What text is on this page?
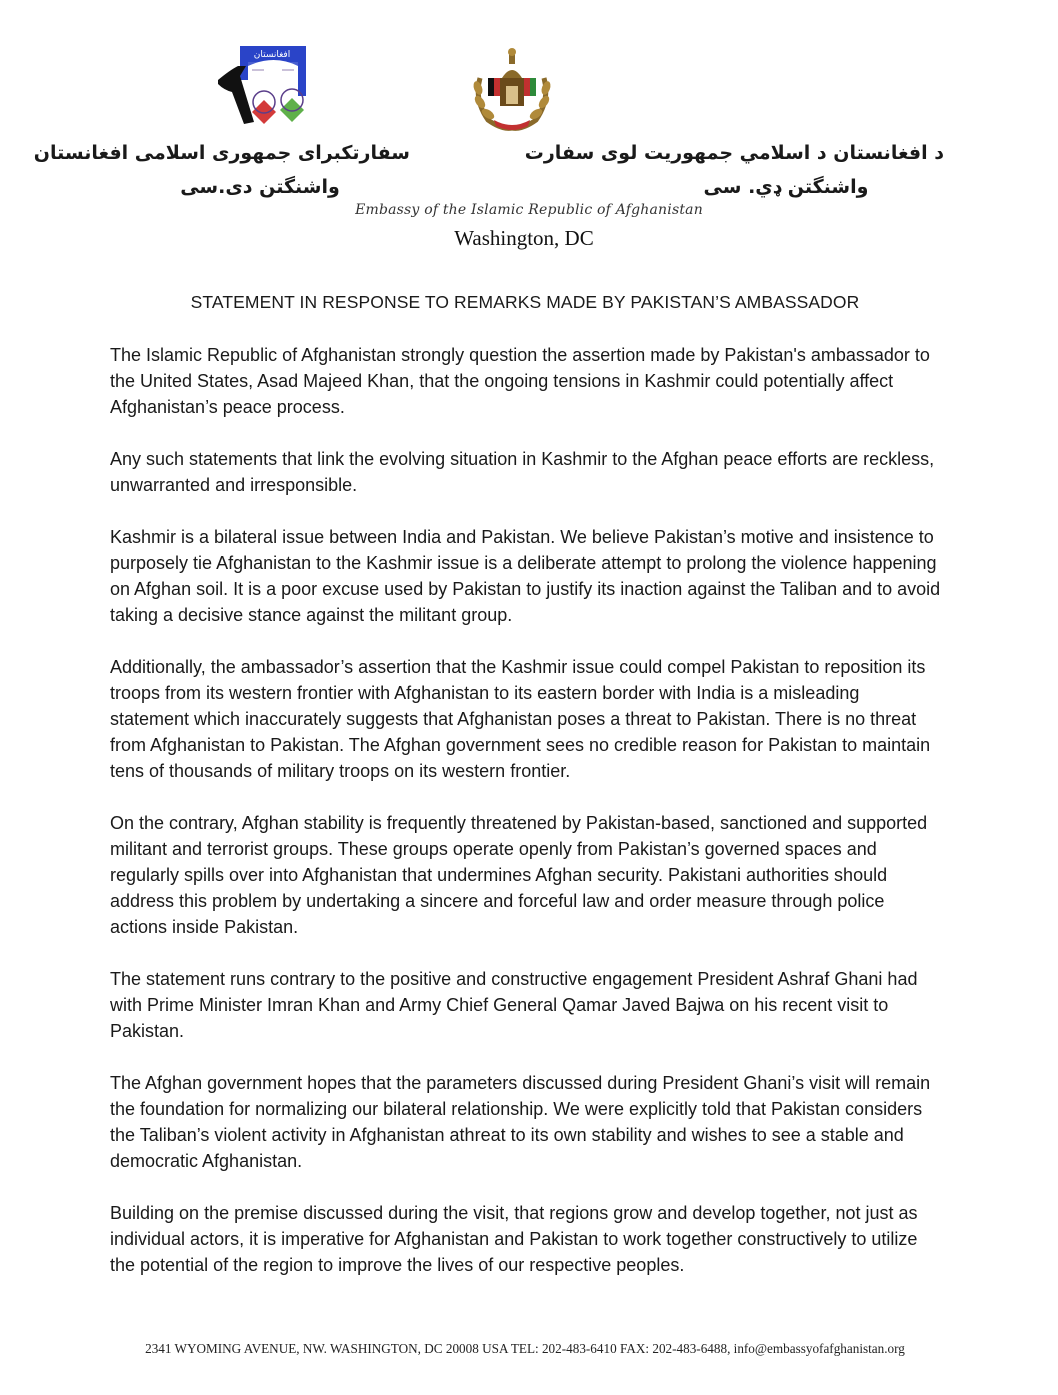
افغانستان
سفارتکبرای جمهوری اسلامی افغانستان
واشنگتن دی.سی
د افغانستان د اسلامي جمهوريت لوی سفارت
واشنگتن ډي. سی
Embassy of the Islamic Republic of Afghanistan
Washington, DC
STATEMENT IN RESPONSE TO REMARKS MADE BY PAKISTAN’S AMBASSADOR

The Islamic Republic of Afghanistan strongly question the assertion made by Pakistan's ambassador to the United States, Asad Majeed Khan, that the ongoing tensions in Kashmir could potentially affect Afghanistan’s peace process.

Any such statements that link the evolving situation in Kashmir to the Afghan peace efforts are reckless, unwarranted and irresponsible.

Kashmir is a bilateral issue between India and Pakistan. We believe Pakistan’s motive and insistence to purposely tie Afghanistan to the Kashmir issue is a deliberate attempt to prolong the violence happening on Afghan soil. It is a poor excuse used by Pakistan to justify its inaction against the Taliban and to avoid taking a decisive stance against the militant group.

Additionally, the ambassador’s assertion that the Kashmir issue could compel Pakistan to reposition its troops from its western frontier with Afghanistan to its eastern border with India is a misleading statement which inaccurately suggests that Afghanistan poses a threat to Pakistan. There is no threat from Afghanistan to Pakistan. The Afghan government sees no credible reason for Pakistan to maintain tens of thousands of military troops on its western frontier.

On the contrary, Afghan stability is frequently threatened by Pakistan-based, sanctioned and supported militant and terrorist groups. These groups operate openly from Pakistan’s governed spaces and regularly spills over into Afghanistan that undermines Afghan security. Pakistani authorities should address this problem by undertaking a sincere and forceful law and order measure through police actions inside Pakistan.

The statement runs contrary to the positive and constructive engagement President Ashraf Ghani had with Prime Minister Imran Khan and Army Chief General Qamar Javed Bajwa on his recent visit to Pakistan.

The Afghan government hopes that the parameters discussed during President Ghani’s visit will remain the foundation for normalizing our bilateral relationship. We were explicitly told that Pakistan considers the Taliban’s violent activity in Afghanistan athreat to its own stability and wishes to see a stable and democratic Afghanistan.

Building on the premise discussed during the visit, that regions grow and develop together, not just as individual actors, it is imperative for Afghanistan and Pakistan to work together constructively to utilize the potential of the region to improve the lives of our respective peoples.

2341 WYOMING AVENUE, NW. WASHINGTON, DC 20008 USA TEL: 202-483-6410 FAX: 202-483-6488, info@embassyofafghanistan.org
